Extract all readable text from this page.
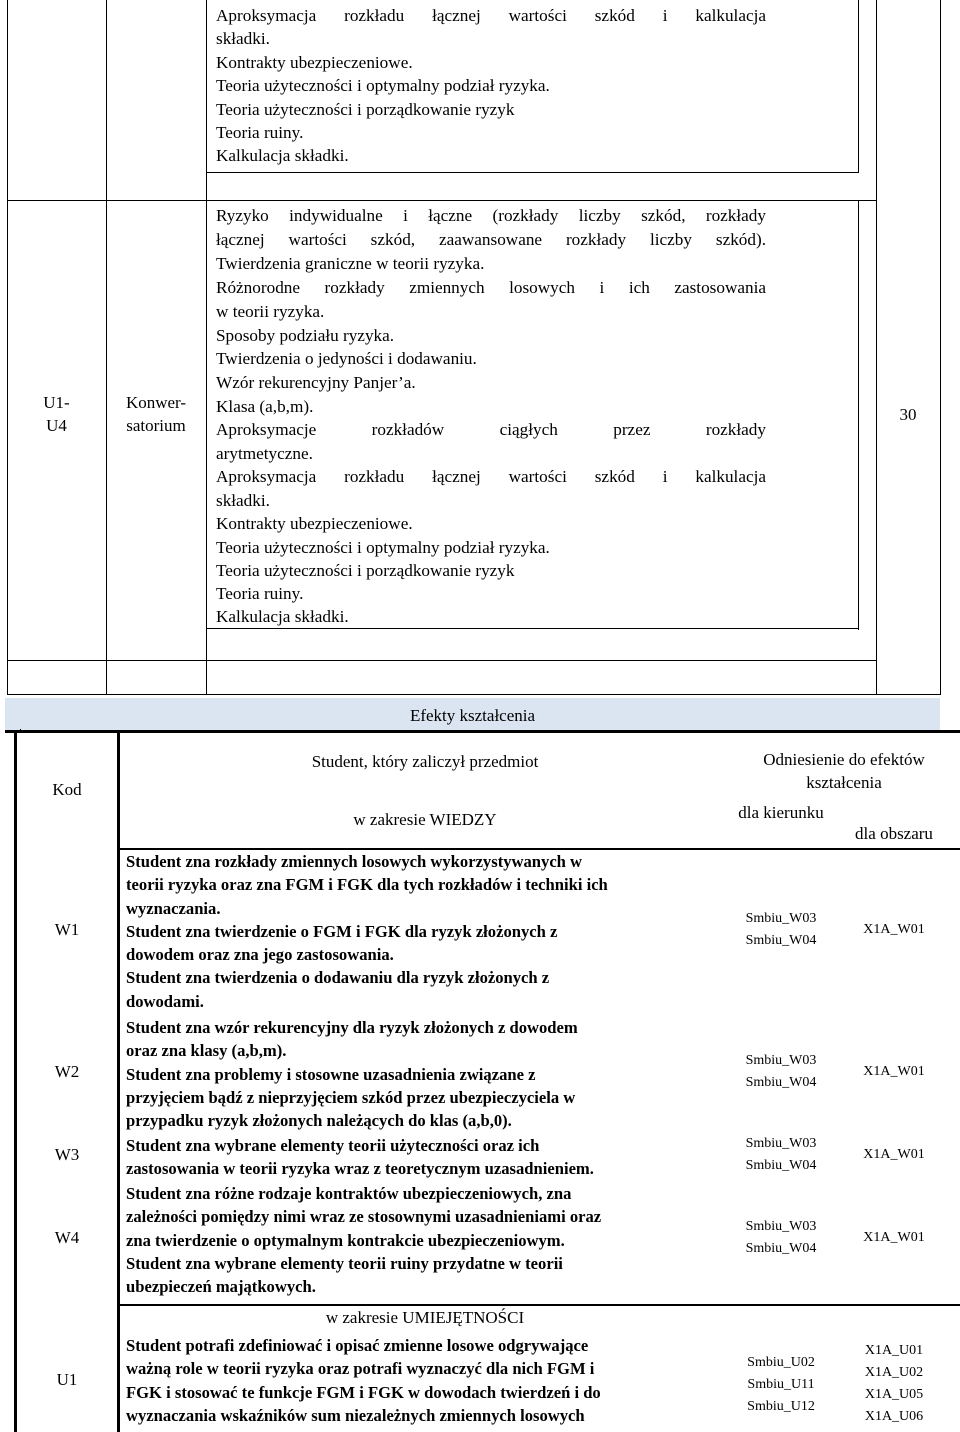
Aproksymacja rozkładu łącznej wartości szkód i kalkulacja
składki.
Kontrakty ubezpieczeniowe.
Teoria użyteczności i optymalny podział ryzyka.
Teoria użyteczności i porządkowanie ryzyk
Teoria ruiny.
Kalkulacja składki.
U1-
U4
Konwer-
satorium
30
Ryzyko indywidualne i łączne (rozkłady liczby szkód, rozkłady
łącznej wartości szkód, zaawansowane rozkłady liczby szkód).
Twierdzenia graniczne w teorii ryzyka.
Różnorodne rozkłady zmiennych losowych i ich zastosowania
w teorii ryzyka.
Sposoby podziału ryzyka.
Twierdzenia o jedyności i dodawaniu.
Wzór rekurencyjny Panjer’a.
Klasa (a,b,m).
Aproksymacje rozkładów ciągłych przez rozkłady
arytmetyczne.
Aproksymacja rozkładu łącznej wartości szkód i kalkulacja
składki.
Kontrakty ubezpieczeniowe.
Teoria użyteczności i optymalny podział ryzyka.
Teoria użyteczności i porządkowanie ryzyk
Teoria ruiny.
Kalkulacja składki.
Efekty kształcenia
Kod
Student, który zaliczył przedmiot
w zakresie WIEDZY
Odniesienie do efektów kształcenia
dla kierunku
dla obszaru
W1
Student zna rozkłady zmiennych losowych wykorzystywanych w
teorii ryzyka oraz zna FGM i FGK dla tych rozkładów i techniki ich
wyznaczania.
Student zna twierdzenie o FGM i FGK dla ryzyk złożonych z
dowodem oraz zna jego zastosowania.
Student zna twierdzenia o dodawaniu dla ryzyk złożonych z
dowodami.
Smbiu_W03
Smbiu_W04
X1A_W01
W2
Student zna wzór rekurencyjny dla ryzyk złożonych z dowodem
oraz zna klasy (a,b,m).
Student zna problemy i stosowne uzasadnienia związane z
przyjęciem bądź z nieprzyjęciem szkód przez ubezpieczyciela w
przypadku ryzyk złożonych należących do klas (a,b,0).
Smbiu_W03
Smbiu_W04
X1A_W01
W3	Student zna wybrane elementy teorii użyteczności oraz ich
zastosowania w teorii ryzyka wraz z teoretycznym uzasadnieniem.
Smbiu_W03
Smbiu_W04
X1A_W01
W4
Student zna różne rodzaje kontraktów ubezpieczeniowych, zna
zależności pomiędzy nimi wraz ze stosownymi uzasadnieniami oraz
zna twierdzenie o optymalnym kontrakcie ubezpieczeniowym.
Student zna wybrane elementy teorii ruiny przydatne w teorii
ubezpieczeń majątkowych.
Smbiu_W03
Smbiu_W04
X1A_W01
w zakresie UMIEJĘTNOŚCI
U1
Student potrafi zdefiniować i opisać zmienne losowe odgrywające
ważną role w teorii ryzyka oraz potrafi wyznaczyć dla nich FGM i
FGK i stosować te funkcje FGM i FGK w dowodach twierdzeń i do
wyznaczania wskaźników sum niezależnych zmiennych losowych
Smbiu_U02
Smbiu_U11
Smbiu_U12
X1A_U01
X1A_U02
X1A_U05
X1A_U06
